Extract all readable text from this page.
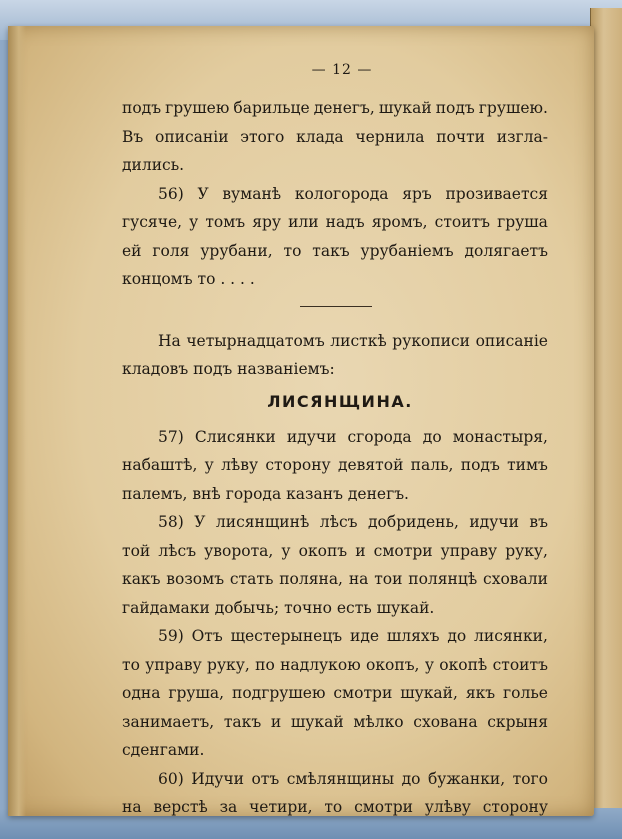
— 12 —
подъ грушею барильце денегъ, шукай подъ грушею.
Въ описаніи этого клада чернила почти изгла-
дились.
56) У вуманѣ кологорода яръ прозивается
гусяче, у томъ яру или надъ яромъ, стоитъ груша
ей голя урубани, то такъ урубаніемъ долягаетъ
концомъ то . . . .
На четырнадцатомъ листкѣ рукописи описаніе
кладовъ подъ названіемъ:
ЛИСЯНЩИНА.
57) Слисянки идучи сгорода до монастыря,
набаштѣ, у лѣву сторону девятой паль, подъ тимъ
палемъ, внѣ города казанъ денегъ.
58) У лисянщинѣ лѣсъ добридень, идучи въ
той лѣсъ уворота, у окопъ и смотри управу руку,
какъ возомъ стать поляна, на тои полянцѣ сховали
гайдамаки добычь; точно есть шукай.
59) Отъ щестерынецъ иде шляхъ до лисянки,
то управу руку, по надлукою окопъ, у окопѣ стоитъ
одна груша, подгрушею смотри шукай, якъ голье
занимаетъ, такъ и шукай мѣлко схована скрыня
сденгами.
60) Идучи отъ смѣлянщины до бужанки, того
на верстѣ за четири, то смотри улѣву сторону
